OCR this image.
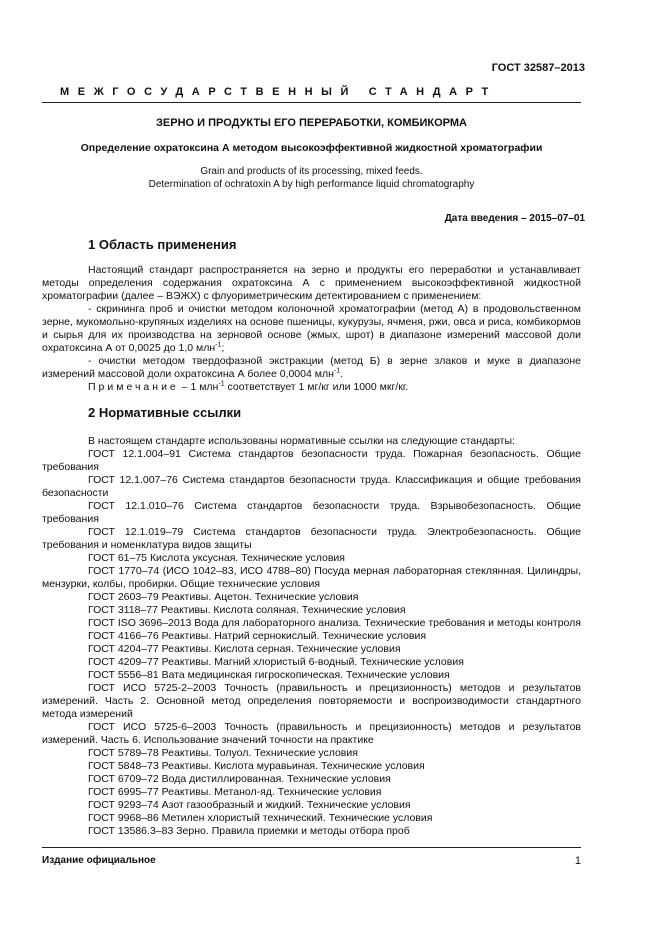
ГОСТ 32587–2013
МЕЖГОСУДАРСТВЕННЫЙ СТАНДАРТ
ЗЕРНО И ПРОДУКТЫ ЕГО ПЕРЕРАБОТКИ, КОМБИКОРМА
Определение охратоксина А методом высокоэффективной жидкостной хроматографии
Grain and products of its processing, mixed feeds.
Determination of ochratoxin A by high performance liquid chromatography
Дата введения – 2015–07–01
1 Область применения
Настоящий стандарт распространяется на зерно и продукты его переработки и устанавливает методы определения содержания охратоксина А с применением высокоэффективной жидкостной хроматографии (далее – ВЭЖХ) с флуориметрическим детектированием с применением:
- скрининга проб и очистки методом колоночной хроматографии (метод А) в продовольственном зерне, мукомольно-крупяных изделиях на основе пшеницы, кукурузы, ячменя, ржи, овса и риса, комбикормов и сырья для их производства на зерновой основе (жмых, шрот) в диапазоне измерений массовой доли охратоксина А от 0,0025 до 1,0 млн$^{-1}$;
- очистки методом твердофазной экстракции (метод Б) в зерне злаков и муке в диапазоне измерений массовой доли охратоксина А более 0,0004 млн$^{-1}$.
Примечание – 1 млн$^{-1}$ соответствует 1 мг/кг или 1000 мкг/кг.
2 Нормативные ссылки
В настоящем стандарте использованы нормативные ссылки на следующие стандарты:
ГОСТ 12.1.004–91 Система стандартов безопасности труда. Пожарная безопасность. Общие требования
ГОСТ 12.1.007–76 Система стандартов безопасности труда. Классификация и общие требования безопасности
ГОСТ 12.1.010–76 Система стандартов безопасности труда. Взрывобезопасность. Общие требования
ГОСТ 12.1.019–79 Система стандартов безопасности труда. Электробезопасность. Общие требования и номенклатура видов защиты
ГОСТ 61–75 Кислота уксусная. Технические условия
ГОСТ 1770–74 (ИСО 1042–83, ИСО 4788–80) Посуда мерная лабораторная стеклянная. Цилиндры, мензурки, колбы, пробирки. Общие технические условия
ГОСТ 2603–79 Реактивы. Ацетон. Технические условия
ГОСТ 3118–77 Реактивы. Кислота соляная. Технические условия
ГОСТ ISO 3696–2013 Вода для лабораторного анализа. Технические требования и методы контроля
ГОСТ 4166–76 Реактивы. Натрий сернокислый. Технические условия
ГОСТ 4204–77 Реактивы. Кислота серная. Технические условия
ГОСТ 4209–77 Реактивы. Магний хлористый 6-водный. Технические условия
ГОСТ 5556–81 Вата медицинская гигроскопическая. Технические условия
ГОСТ ИСО 5725-2–2003 Точность (правильность и прецизионность) методов и результатов измерений. Часть 2. Основной метод определения повторяемости и воспроизводимости стандартного метода измерений
ГОСТ ИСО 5725-6–2003 Точность (правильность и прецизионность) методов и результатов измерений. Часть 6. Использование значений точности на практике
ГОСТ 5789–78 Реактивы. Толуол. Технические условия
ГОСТ 5848–73 Реактивы. Кислота муравьиная. Технические условия
ГОСТ 6709–72 Вода дистиллированная. Технические условия
ГОСТ 6995–77 Реактивы. Метанол-яд. Технические условия
ГОСТ 9293–74 Азот газообразный и жидкий. Технические условия
ГОСТ 9968–86 Метилен хлористый технический. Технические условия
ГОСТ 13586.3–83 Зерно. Правила приемки и методы отбора проб
Издание официальное	1
